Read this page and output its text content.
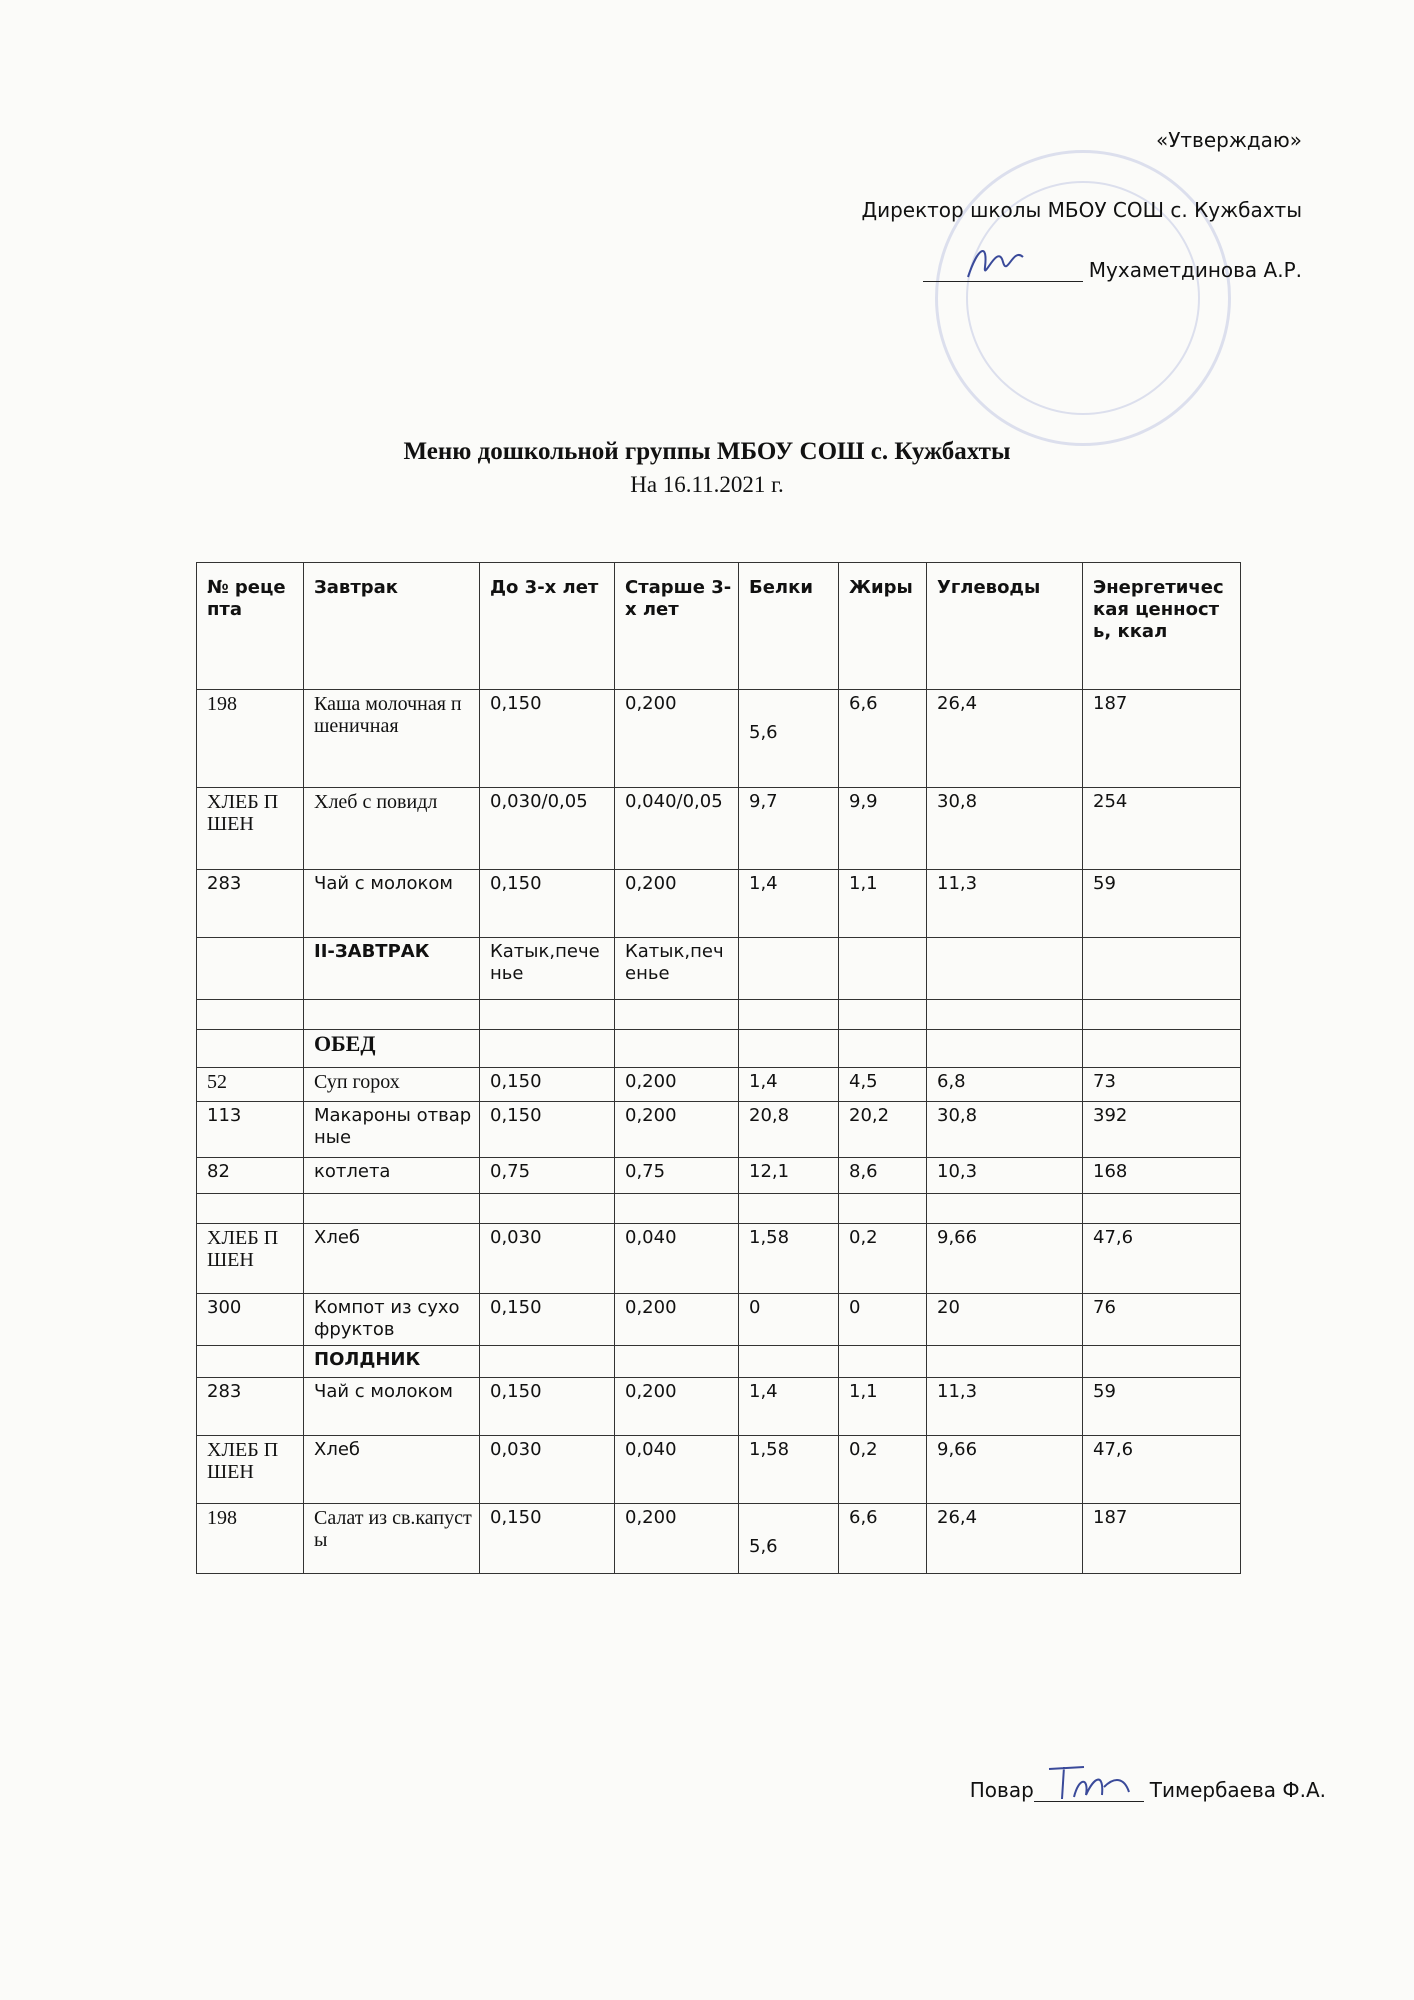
«Утверждаю»
Директор школы МБОУ СОШ с. Кужбахты
Мухаметдинова А.Р.
Меню дошкольной группы МБОУ СОШ с. Кужбахты
На 16.11.2021 г.
№ рецепта	Завтрак	До 3-х лет	Старше 3-х лет	Белки	Жиры	Углеводы	Энергетическая ценность, ккал
198	Каша молочная пшеничная	0,150	0,200	5,6	6,6	26,4	187
ХЛЕБ ПШЕН	Хлеб с повидл	0,030/0,05	0,040/0,05	9,7	9,9	30,8	254
283	Чай с молоком	0,150	0,200	1,4	1,1	11,3	59
	II-ЗАВТРАК	Катык,печенье	Катык,печенье				

	ОБЕД						
52	Суп горох	0,150	0,200	1,4	4,5	6,8	73
113	Макароны отварные	0,150	0,200	20,8	20,2	30,8	392
82	котлета	0,75	0,75	12,1	8,6	10,3	168

ХЛЕБ ПШЕН	Хлеб	0,030	0,040	1,58	0,2	9,66	47,6
300	Компот из сухофруктов	0,150	0,200	0	0	20	76
	ПОЛДНИК						
283	Чай с молоком	0,150	0,200	1,4	1,1	11,3	59
ХЛЕБ ПШЕН	Хлеб	0,030	0,040	1,58	0,2	9,66	47,6
198	Салат из св.капусты	0,150	0,200	5,6	6,6	26,4	187
Повар	Тимербаева Ф.А.
